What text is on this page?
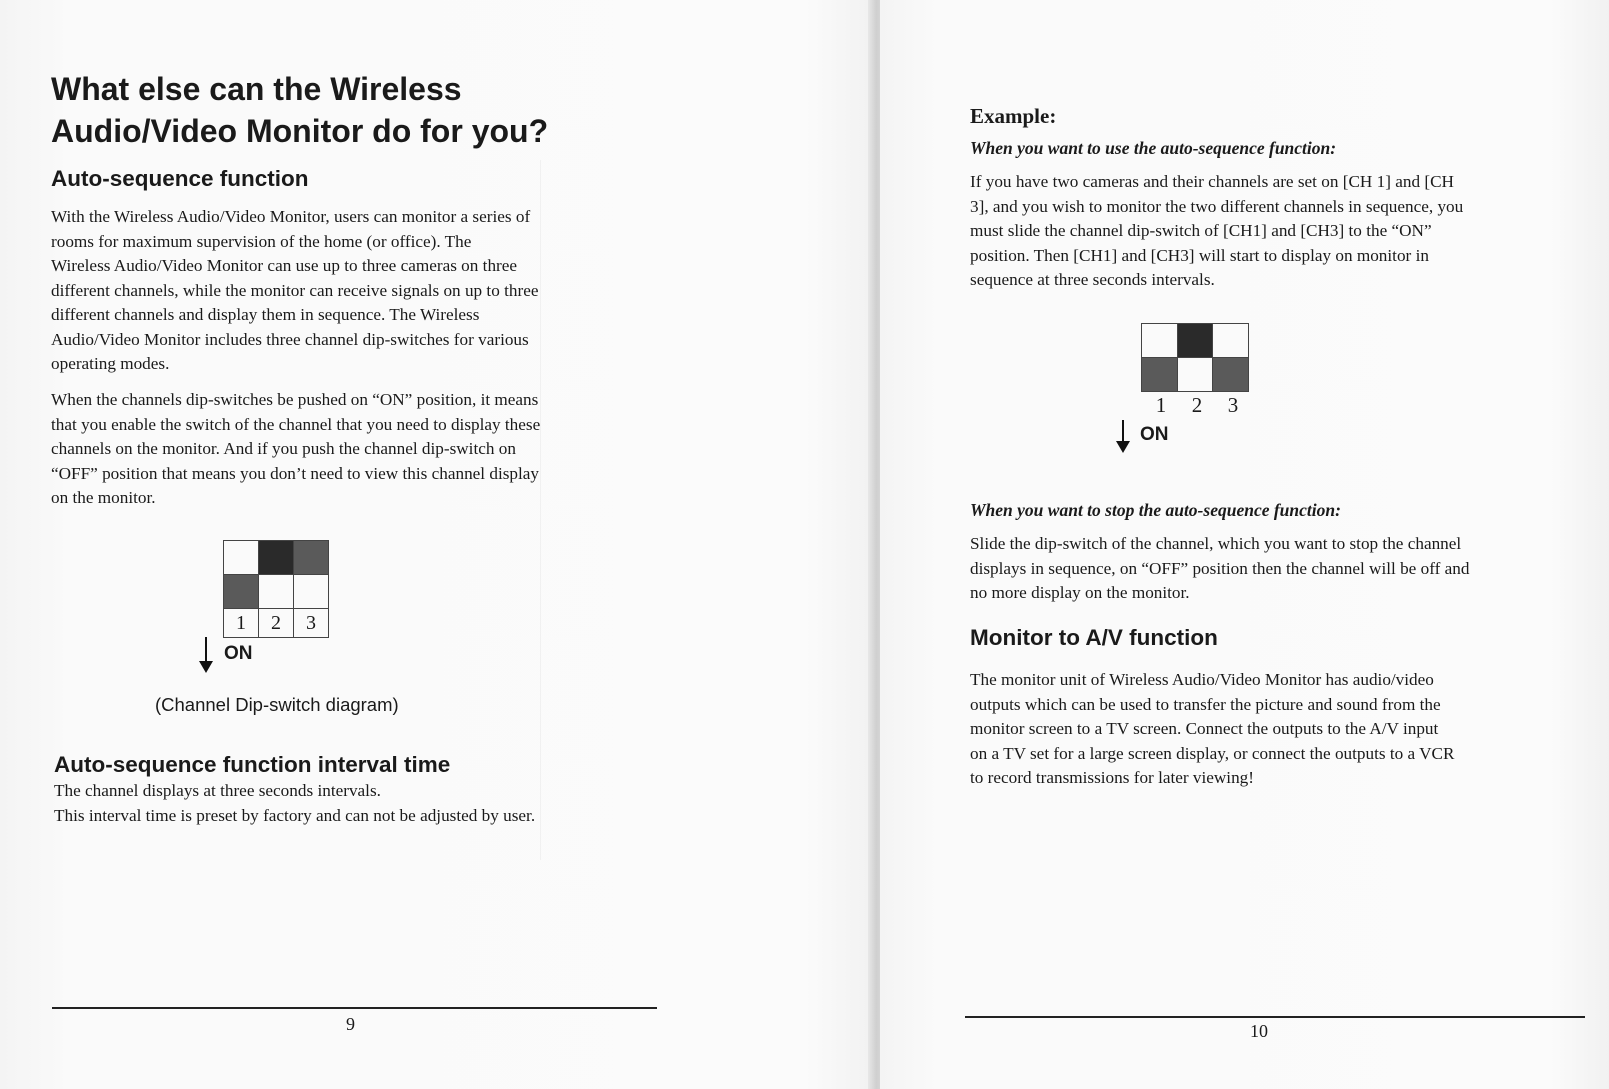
What else can the Wireless
Audio/Video Monitor do for you?
Auto-sequence function
With the Wireless Audio/Video Monitor, users can monitor a series of
rooms for maximum supervision of the home (or office). The
Wireless Audio/Video Monitor can use up to three cameras on three
different channels, while the monitor can receive signals on up to three
different channels and display them in sequence. The Wireless
Audio/Video Monitor includes three channel dip-switches for various
operating modes.
When the channels dip-switches be pushed on “ON” position, it means
that you enable the switch of the channel that you need to display these
channels on the monitor. And if you push the channel dip-switch on
“OFF” position that means you don’t need to view this channel display
on the monitor.

1	2	3
ON
(Channel Dip-switch diagram)
Auto-sequence function interval time
The channel displays at three seconds intervals.
This interval time is preset by factory and can not be adjusted by user.
9
Example:
When you want to use the auto-sequence function:
If you have two cameras and their channels are set on [CH 1] and [CH
3], and you wish to monitor the two different channels in sequence, you
must slide the channel dip-switch of [CH1] and [CH3] to the “ON”
position. Then [CH1] and [CH3] will start to display on monitor in
sequence at three seconds intervals.

1	2	3
ON
When you want to stop the auto-sequence function:
Slide the dip-switch of the channel, which you want to stop the channel
displays in sequence, on “OFF” position then the channel will be off and
no more display on the monitor.
Monitor to A/V function
The monitor unit of Wireless Audio/Video Monitor has audio/video
outputs which can be used to transfer the picture and sound from the
monitor screen to a TV screen. Connect the outputs to the A/V input
on a TV set for a large screen display, or connect the outputs to a VCR
to record transmissions for later viewing!
10
